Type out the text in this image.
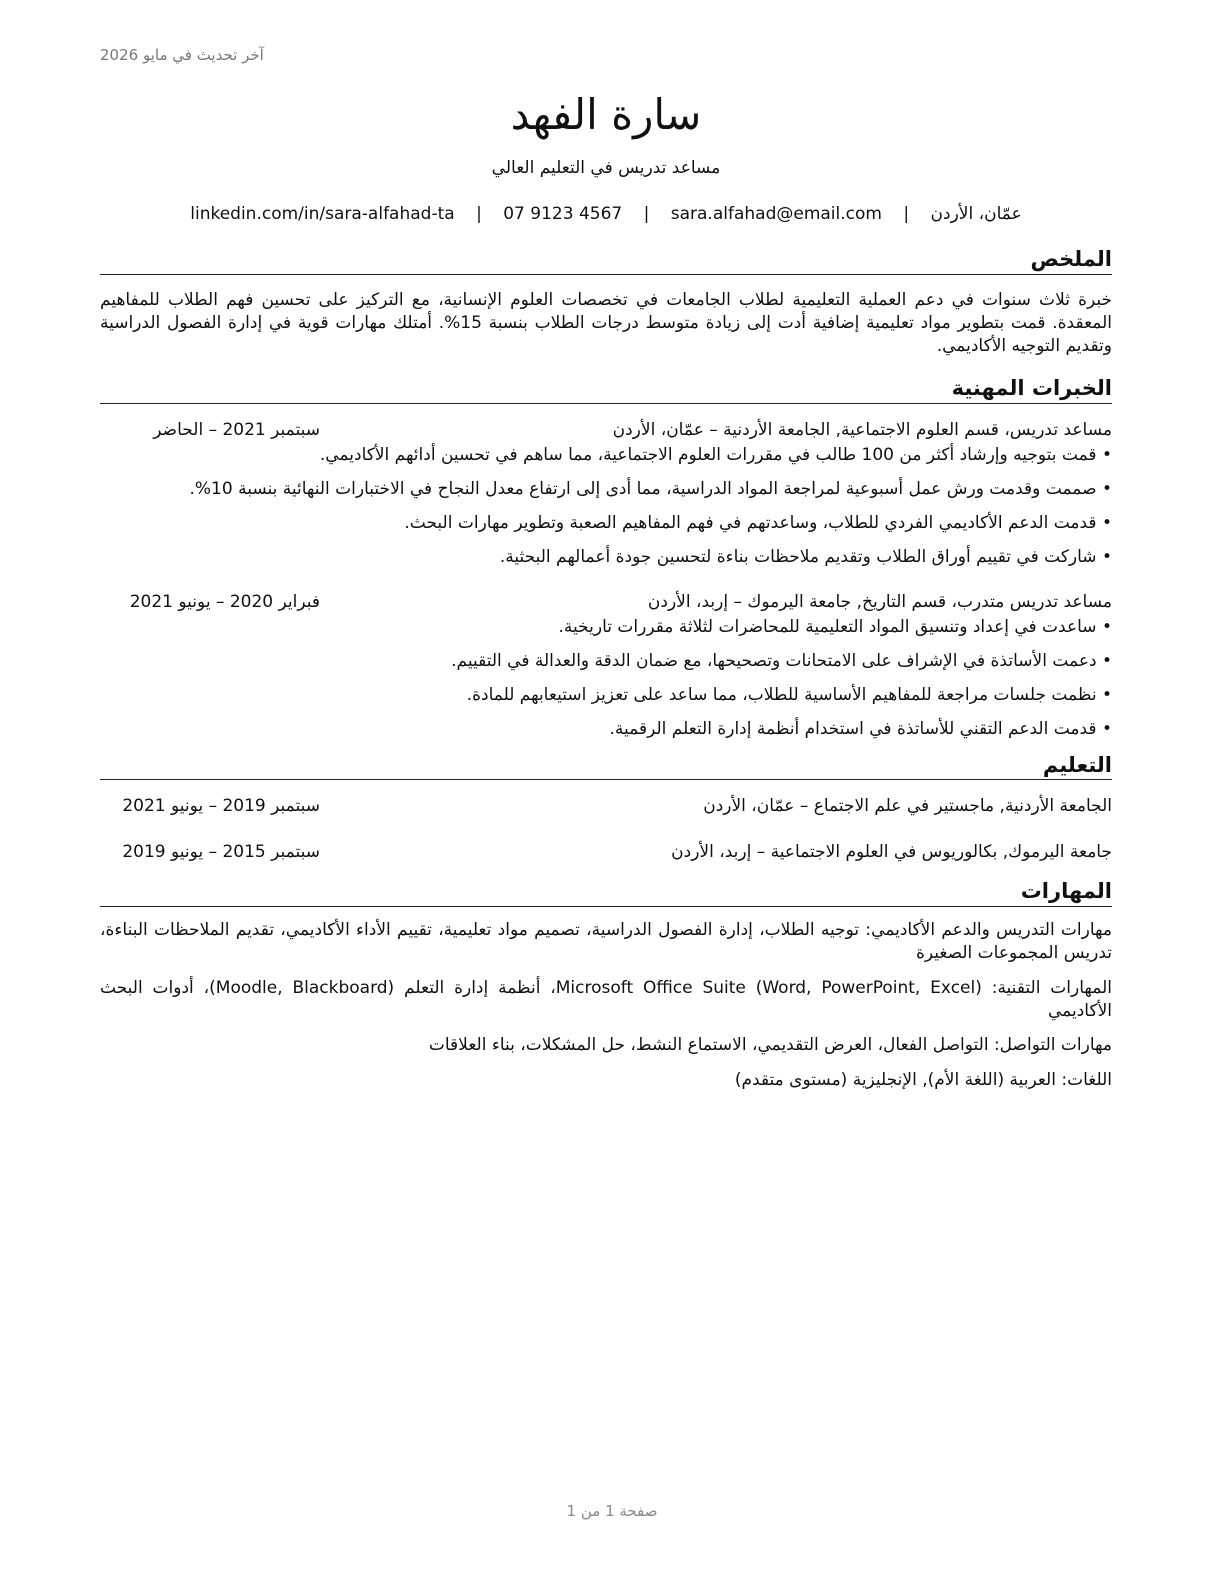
آخر تحديث في مايو 2026
سارة الفهد
مساعد تدريس في التعليم العالي
عمّان، الأردن | sara.alfahad@email.com | 07 9123 4567 | linkedin.com/in/sara-alfahad-ta
الملخص

خبرة ثلاث سنوات في دعم العملية التعليمية لطلاب الجامعات في تخصصات العلوم الإنسانية، مع التركيز على تحسين فهم الطلاب للمفاهيم المعقدة. قمت بتطوير مواد تعليمية إضافية أدت إلى زيادة متوسط درجات الطلاب بنسبة 15%. أمتلك مهارات قوية في إدارة الفصول الدراسية وتقديم التوجيه الأكاديمي.

الخبرات المهنية
مساعد تدريس، قسم العلوم الاجتماعية, الجامعة الأردنية – عمّان، الأردن
سبتمبر 2021 – الحاضر
• قمت بتوجيه وإرشاد أكثر من 100 طالب في مقررات العلوم الاجتماعية، مما ساهم في تحسين أدائهم الأكاديمي.
• صممت وقدمت ورش عمل أسبوعية لمراجعة المواد الدراسية، مما أدى إلى ارتفاع معدل النجاح في الاختبارات النهائية بنسبة 10%.
• قدمت الدعم الأكاديمي الفردي للطلاب، وساعدتهم في فهم المفاهيم الصعبة وتطوير مهارات البحث.
• شاركت في تقييم أوراق الطلاب وتقديم ملاحظات بناءة لتحسين جودة أعمالهم البحثية.
مساعد تدريس متدرب، قسم التاريخ, جامعة اليرموك – إربد، الأردن
فبراير 2020 – يونيو 2021
• ساعدت في إعداد وتنسيق المواد التعليمية للمحاضرات لثلاثة مقررات تاريخية.
• دعمت الأساتذة في الإشراف على الامتحانات وتصحيحها، مع ضمان الدقة والعدالة في التقييم.
• نظمت جلسات مراجعة للمفاهيم الأساسية للطلاب، مما ساعد على تعزيز استيعابهم للمادة.
• قدمت الدعم التقني للأساتذة في استخدام أنظمة إدارة التعلم الرقمية.
التعليم
الجامعة الأردنية, ماجستير في علم الاجتماع – عمّان، الأردن
سبتمبر 2019 – يونيو 2021
جامعة اليرموك, بكالوريوس في العلوم الاجتماعية – إربد، الأردن
سبتمبر 2015 – يونيو 2019
المهارات
مهارات التدريس والدعم الأكاديمي: توجيه الطلاب، إدارة الفصول الدراسية، تصميم مواد تعليمية، تقييم الأداء الأكاديمي، تقديم الملاحظات البناءة، تدريس المجموعات الصغيرة
المهارات التقنية: Microsoft Office Suite (Word, PowerPoint, Excel)، أنظمة إدارة التعلم (Moodle, Blackboard)، أدوات البحث الأكاديمي
مهارات التواصل: التواصل الفعال، العرض التقديمي، الاستماع النشط، حل المشكلات، بناء العلاقات
اللغات: العربية (اللغة الأم), الإنجليزية (مستوى متقدم)
صفحة 1 من 1
